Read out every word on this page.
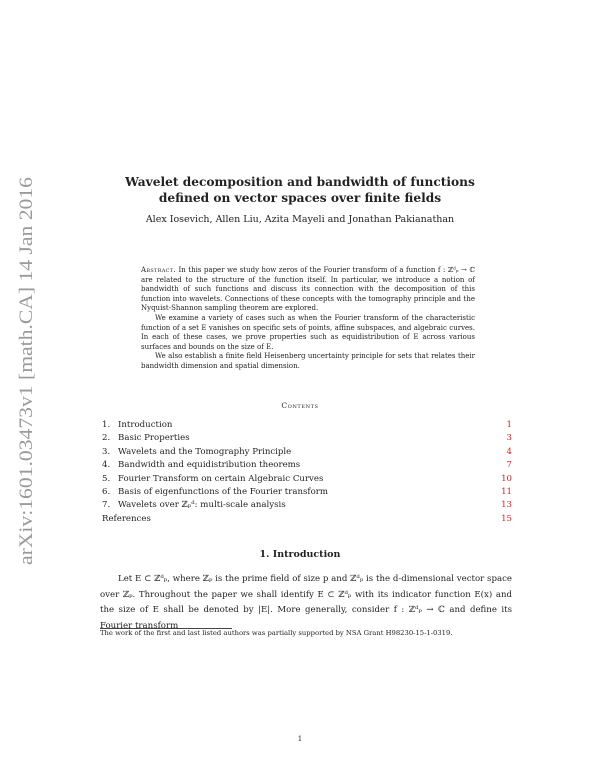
arXiv:1601.03473v1 [math.CA] 14 Jan 2016
Wavelet decomposition and bandwidth of functions defined on vector spaces over finite fields
Alex Iosevich, Allen Liu, Azita Mayeli and Jonathan Pakianathan

Abstract. In this paper we study how zeros of the Fourier transform of a function f : ℤᵈₚ → ℂ are related to the structure of the function itself. In particular, we introduce a notion of bandwidth of such functions and discuss its connection with the decomposition of this function into wavelets. Connections of these concepts with the tomography principle and the Nyquist-Shannon sampling theorem are explored.

We examine a variety of cases such as when the Fourier transform of the characteristic function of a set E vanishes on specific sets of points, affine subspaces, and algebraic curves. In each of these cases, we prove properties such as equidistribution of E across various surfaces and bounds on the size of E.

We also establish a finite field Heisenberg uncertainty principle for sets that relates their bandwidth dimension and spatial dimension.

Contents
1. Introduction	1
2. Basic Properties	3
3. Wavelets and the Tomography Principle	4
4. Bandwidth and equidistribution theorems	7
5. Fourier Transform on certain Algebraic Curves	10
6. Basis of eigenfunctions of the Fourier transform	11
7. Wavelets over ℤₚᵈ: multi-scale analysis	13
References	15
1. Introduction

Let E ⊂ ℤᵈₚ, where ℤₚ is the prime field of size p and ℤᵈₚ is the d-dimensional vector space over ℤₚ. Throughout the paper we shall identify E ⊂ ℤᵈₚ with its indicator function E(x) and the size of E shall be denoted by |E|. More generally, consider f : ℤᵈₚ → ℂ and define its Fourier transform

The work of the first and last listed authors was partially supported by NSA Grant H98230-15-1-0319.
1
